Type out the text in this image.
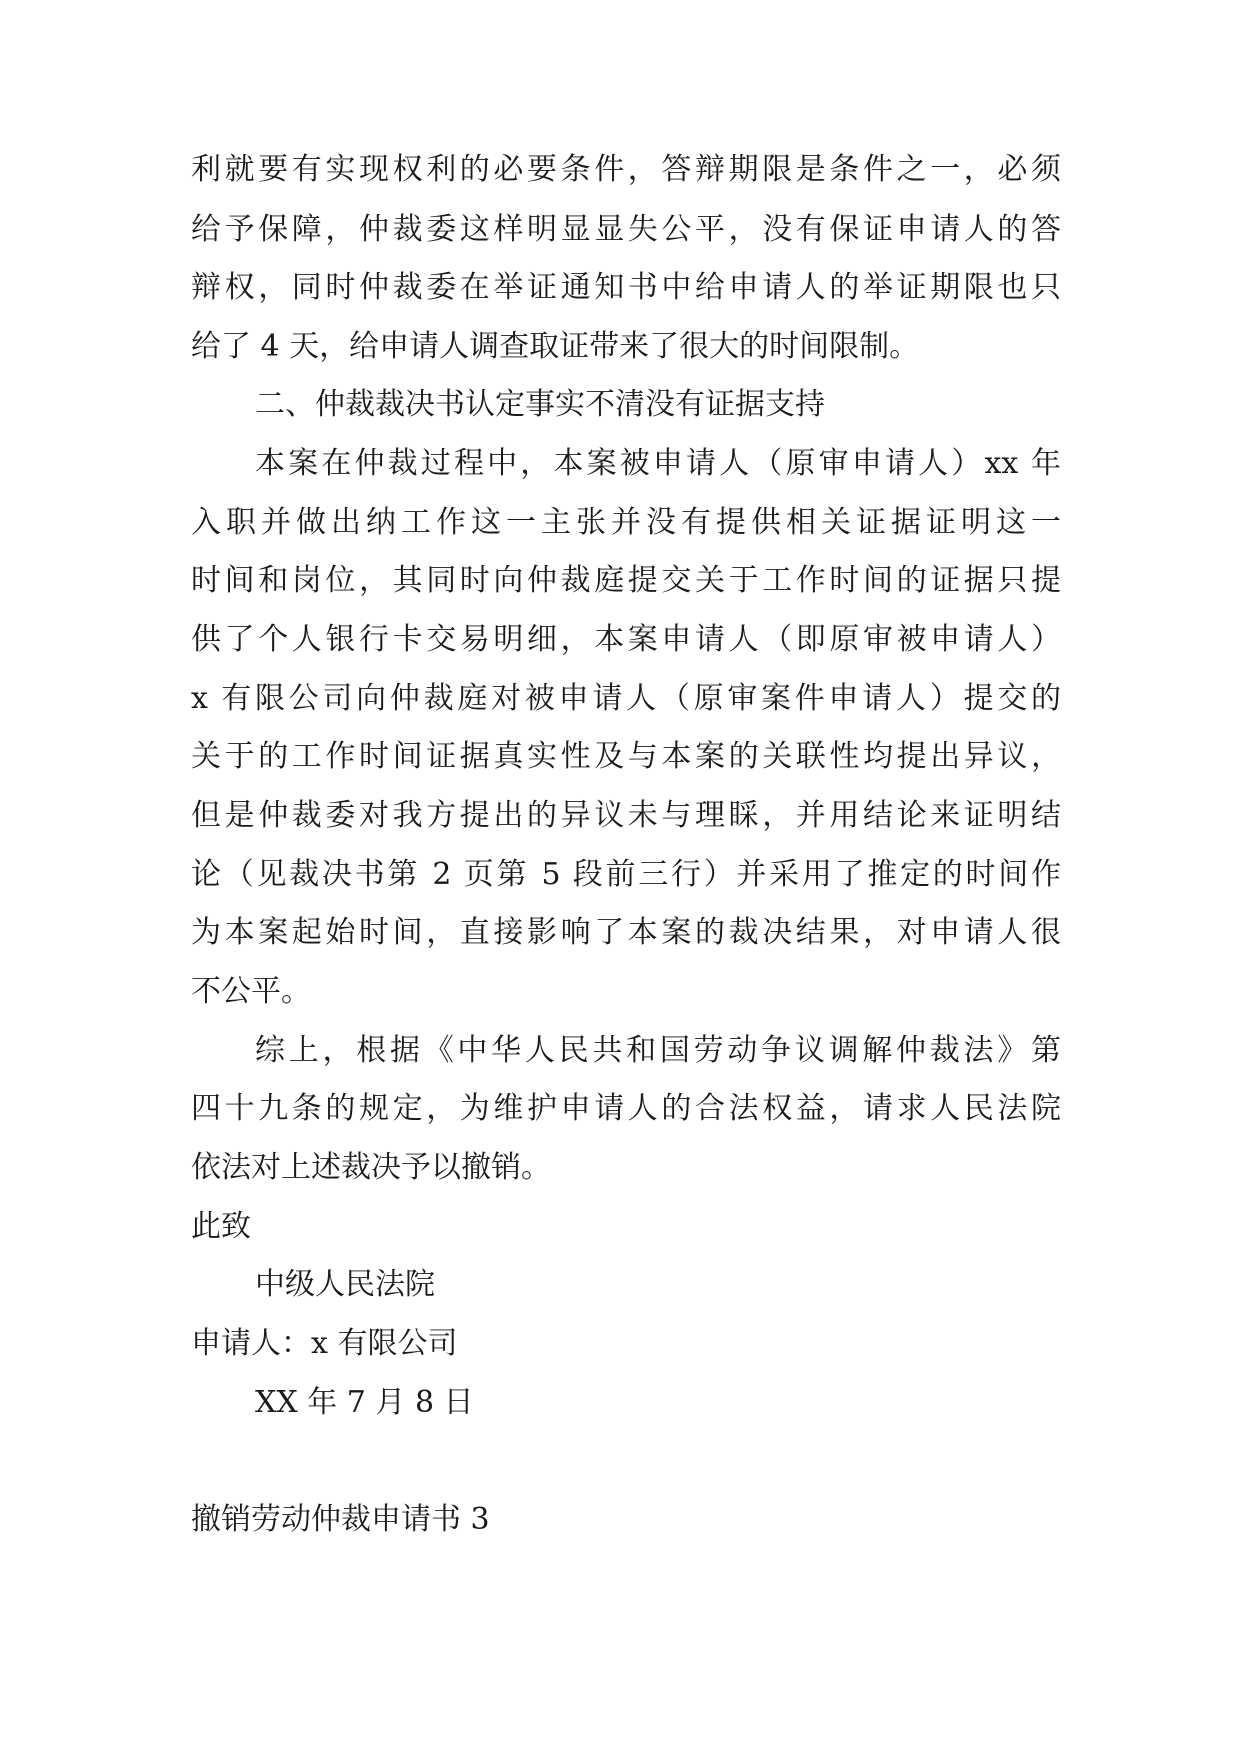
利就要有实现权利的必要条件，答辩期限是条件之一，必须
给予保障，仲裁委这样明显显失公平，没有保证申请人的答
辩权，同时仲裁委在举证通知书中给申请人的举证期限也只
给了 4 天，给申请人调查取证带来了很大的时间限制。
二、仲裁裁决书认定事实不清没有证据支持
本案在仲裁过程中，本案被申请人（原审申请人）xx 年
入职并做出纳工作这一主张并没有提供相关证据证明这一
时间和岗位，其同时向仲裁庭提交关于工作时间的证据只提
供了个人银行卡交易明细，本案申请人（即原审被申请人）
x 有限公司向仲裁庭对被申请人（原审案件申请人）提交的
关于的工作时间证据真实性及与本案的关联性均提出异议，
但是仲裁委对我方提出的异议未与理睬，并用结论来证明结
论（见裁决书第 2 页第 5 段前三行）并采用了推定的时间作
为本案起始时间，直接影响了本案的裁决结果，对申请人很
不公平。
综上，根据《中华人民共和国劳动争议调解仲裁法》第
四十九条的规定，为维护申请人的合法权益，请求人民法院
依法对上述裁决予以撤销。
此致
中级人民法院
申请人：x 有限公司
XX 年 7 月 8 日
撤销劳动仲裁申请书 3
